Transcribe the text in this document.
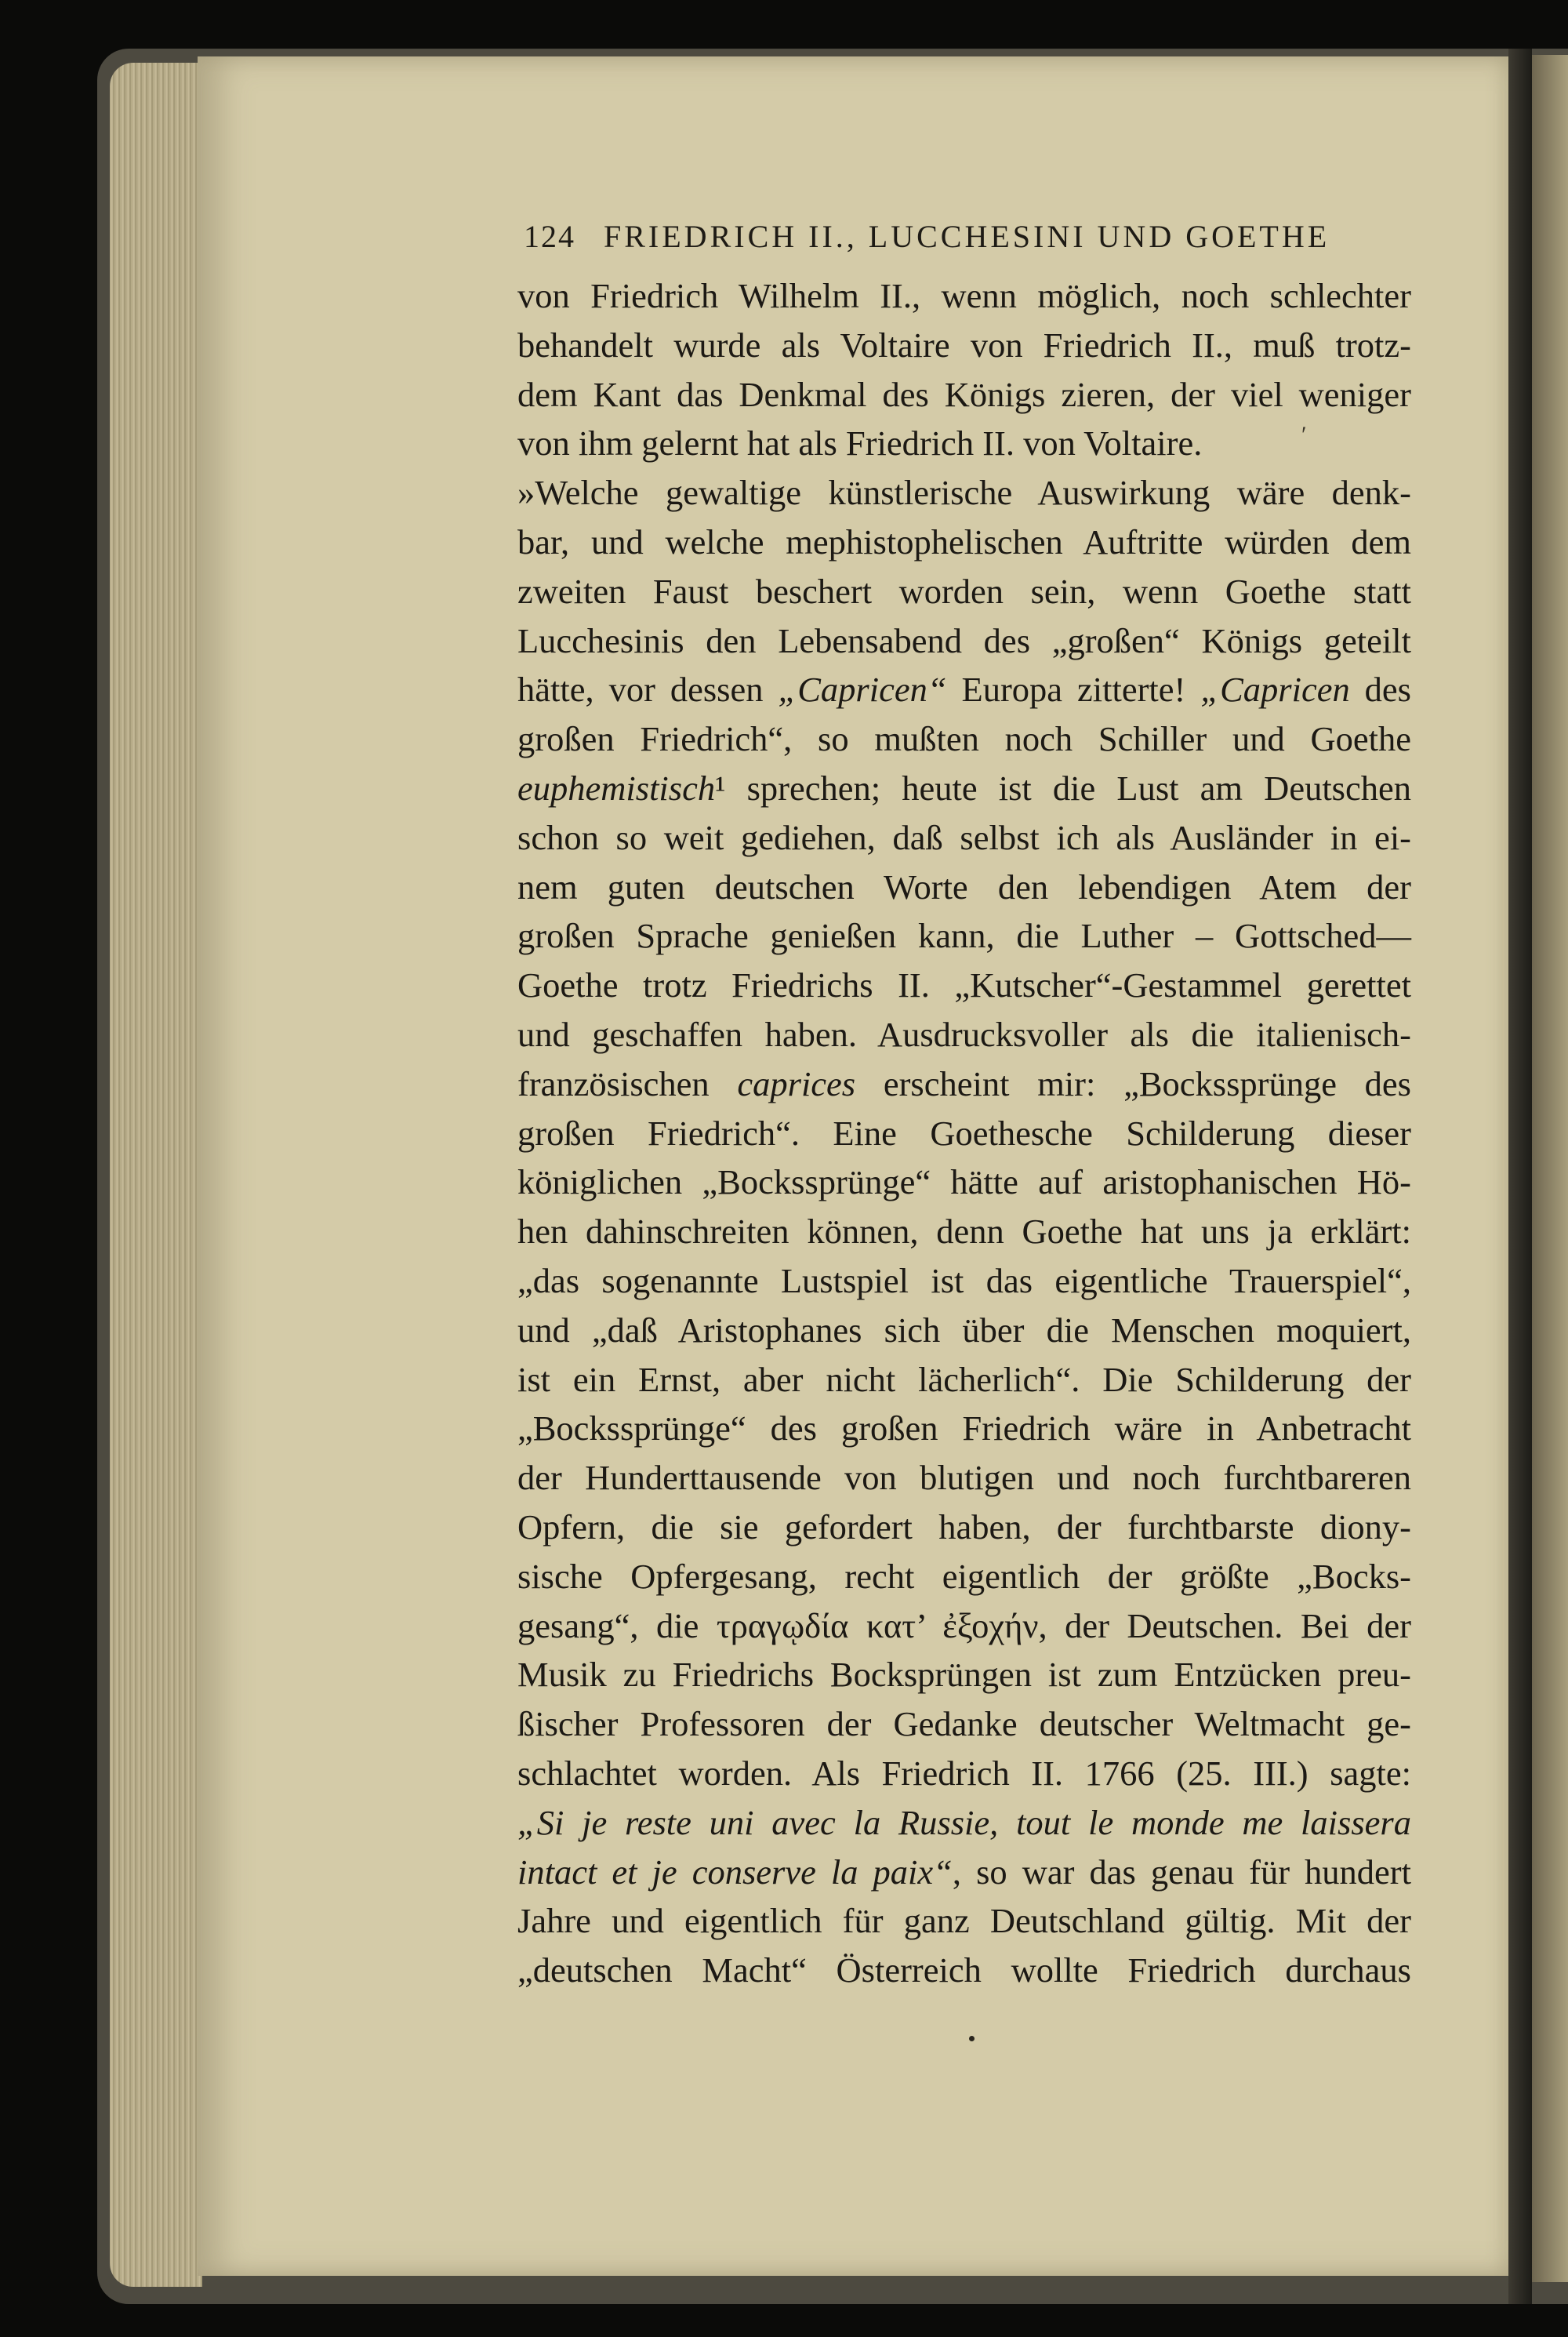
124 FRIEDRICH II., LUCCHESINI UND GOETHE
ʹ
von Friedrich Wilhelm II., wenn möglich, noch schlechter
behandelt wurde als Voltaire von Friedrich II., muß trotz-
dem Kant das Denkmal des Königs zieren, der viel weniger
von ihm gelernt hat als Friedrich II. von Voltaire.
»Welche gewaltige künstlerische Auswirkung wäre denk-
bar, und welche mephistophelischen Auftritte würden dem
zweiten Faust beschert worden sein, wenn Goethe statt
Lucchesinis den Lebensabend des „großen“ Königs geteilt
hätte, vor dessen „Capricen“ Europa zitterte! „Capricen des
großen Friedrich“, so mußten noch Schiller und Goethe
euphemistisch¹ sprechen; heute ist die Lust am Deutschen
schon so weit gediehen, daß selbst ich als Ausländer in ei-
nem guten deutschen Worte den lebendigen Atem der
großen Sprache genießen kann, die Luther – Gottsched—
Goethe trotz Friedrichs II. „Kutscher“-Gestammel gerettet
und geschaffen haben. Ausdrucksvoller als die italienisch-
französischen caprices erscheint mir: „Bockssprünge des
großen Friedrich“. Eine Goethesche Schilderung dieser
königlichen „Bockssprünge“ hätte auf aristophanischen Hö-
hen dahinschreiten können, denn Goethe hat uns ja erklärt:
„das sogenannte Lustspiel ist das eigentliche Trauerspiel“,
und „daß Aristophanes sich über die Menschen moquiert,
ist ein Ernst, aber nicht lächerlich“. Die Schilderung der
„Bockssprünge“ des großen Friedrich wäre in Anbetracht
der Hunderttausende von blutigen und noch furchtbareren
Opfern, die sie gefordert haben, der furchtbarste diony-
sische Opfergesang, recht eigentlich der größte „Bocks-
gesang“, die τραγῳδία κατ’ ἐξοχήν, der Deutschen. Bei der
Musik zu Friedrichs Bocksprüngen ist zum Entzücken preu-
ßischer Professoren der Gedanke deutscher Weltmacht ge-
schlachtet worden. Als Friedrich II. 1766 (25. III.) sagte:
„Si je reste uni avec la Russie, tout le monde me laissera
intact et je conserve la paix“, so war das genau für hundert
Jahre und eigentlich für ganz Deutschland gültig. Mit der
„deutschen Macht“ Österreich wollte Friedrich durchaus
